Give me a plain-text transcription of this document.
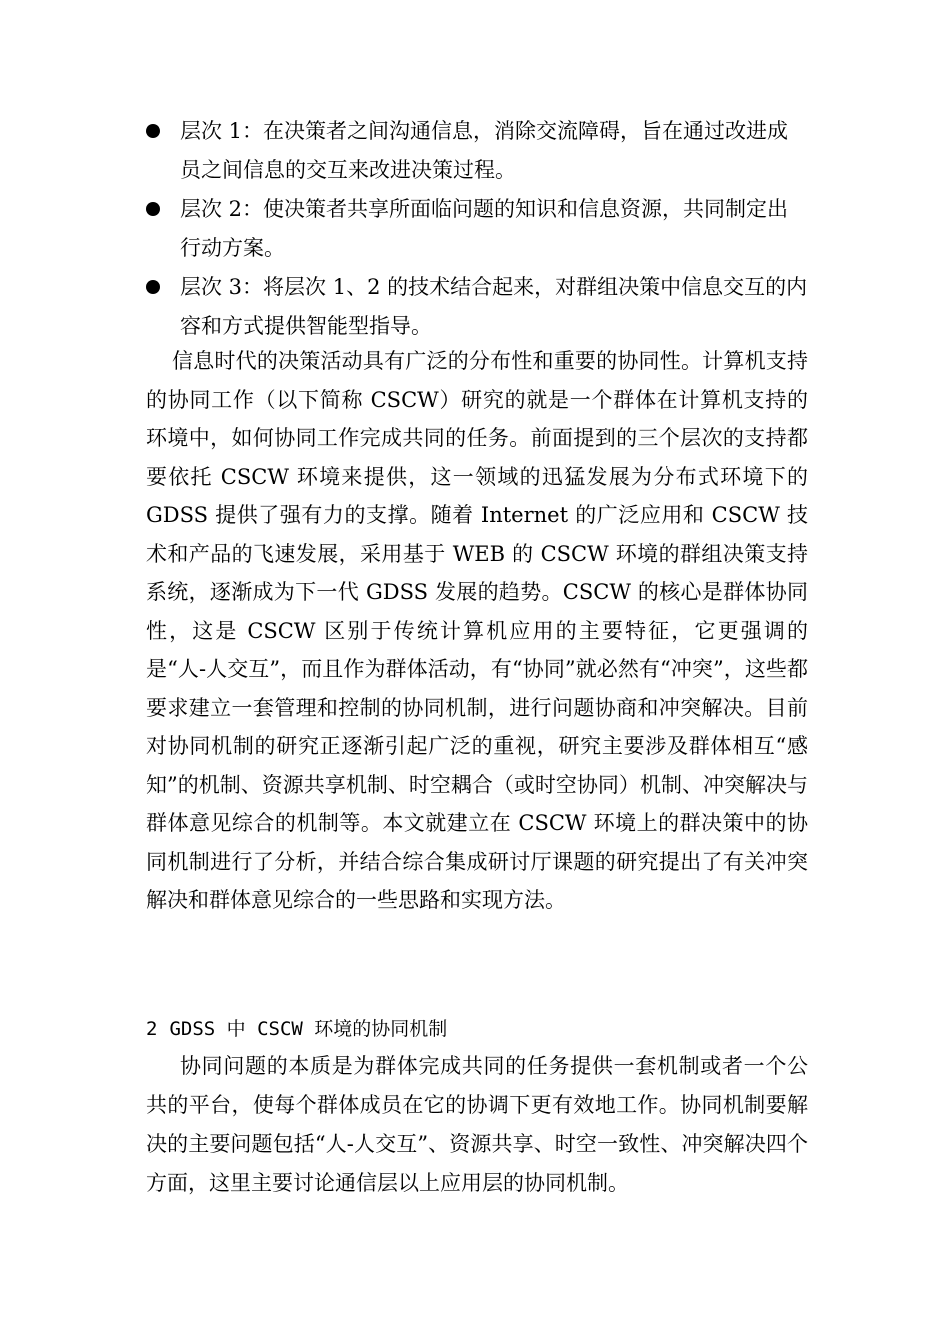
层次 1：在决策者之间沟通信息，消除交流障碍，旨在通过改进成员之间信息的交互来改进决策过程。
层次 2：使决策者共享所面临问题的知识和信息资源，共同制定出行动方案。
层次 3：将层次 1、2 的技术结合起来，对群组决策中信息交互的内容和方式提供智能型指导。

信息时代的决策活动具有广泛的分布性和重要的协同性。计算机支持的协同工作（以下简称 CSCW）研究的就是一个群体在计算机支持的环境中，如何协同工作完成共同的任务。前面提到的三个层次的支持都要依托 CSCW 环境来提供，这一领域的迅猛发展为分布式环境下的 GDSS 提供了强有力的支撑。随着 Internet 的广泛应用和 CSCW 技术和产品的飞速发展，采用基于 WEB 的 CSCW 环境的群组决策支持系统，逐渐成为下一代 GDSS 发展的趋势。CSCW 的核心是群体协同性，这是 CSCW 区别于传统计算机应用的主要特征，它更强调的是“人-人交互”，而且作为群体活动，有“协同”就必然有“冲突”，这些都要求建立一套管理和控制的协同机制，进行问题协商和冲突解决。目前对协同机制的研究正逐渐引起广泛的重视，研究主要涉及群体相互“感知”的机制、资源共享机制、时空耦合（或时空协同）机制、冲突解决与群体意见综合的机制等。本文就建立在 CSCW 环境上的群决策中的协同机制进行了分析，并结合综合集成研讨厅课题的研究提出了有关冲突解决和群体意见综合的一些思路和实现方法。

2 GDSS 中 CSCW 环境的协同机制

协同问题的本质是为群体完成共同的任务提供一套机制或者一个公共的平台，使每个群体成员在它的协调下更有效地工作。协同机制要解决的主要问题包括“人-人交互”、资源共享、时空一致性、冲突解决四个方面，这里主要讨论通信层以上应用层的协同机制。
